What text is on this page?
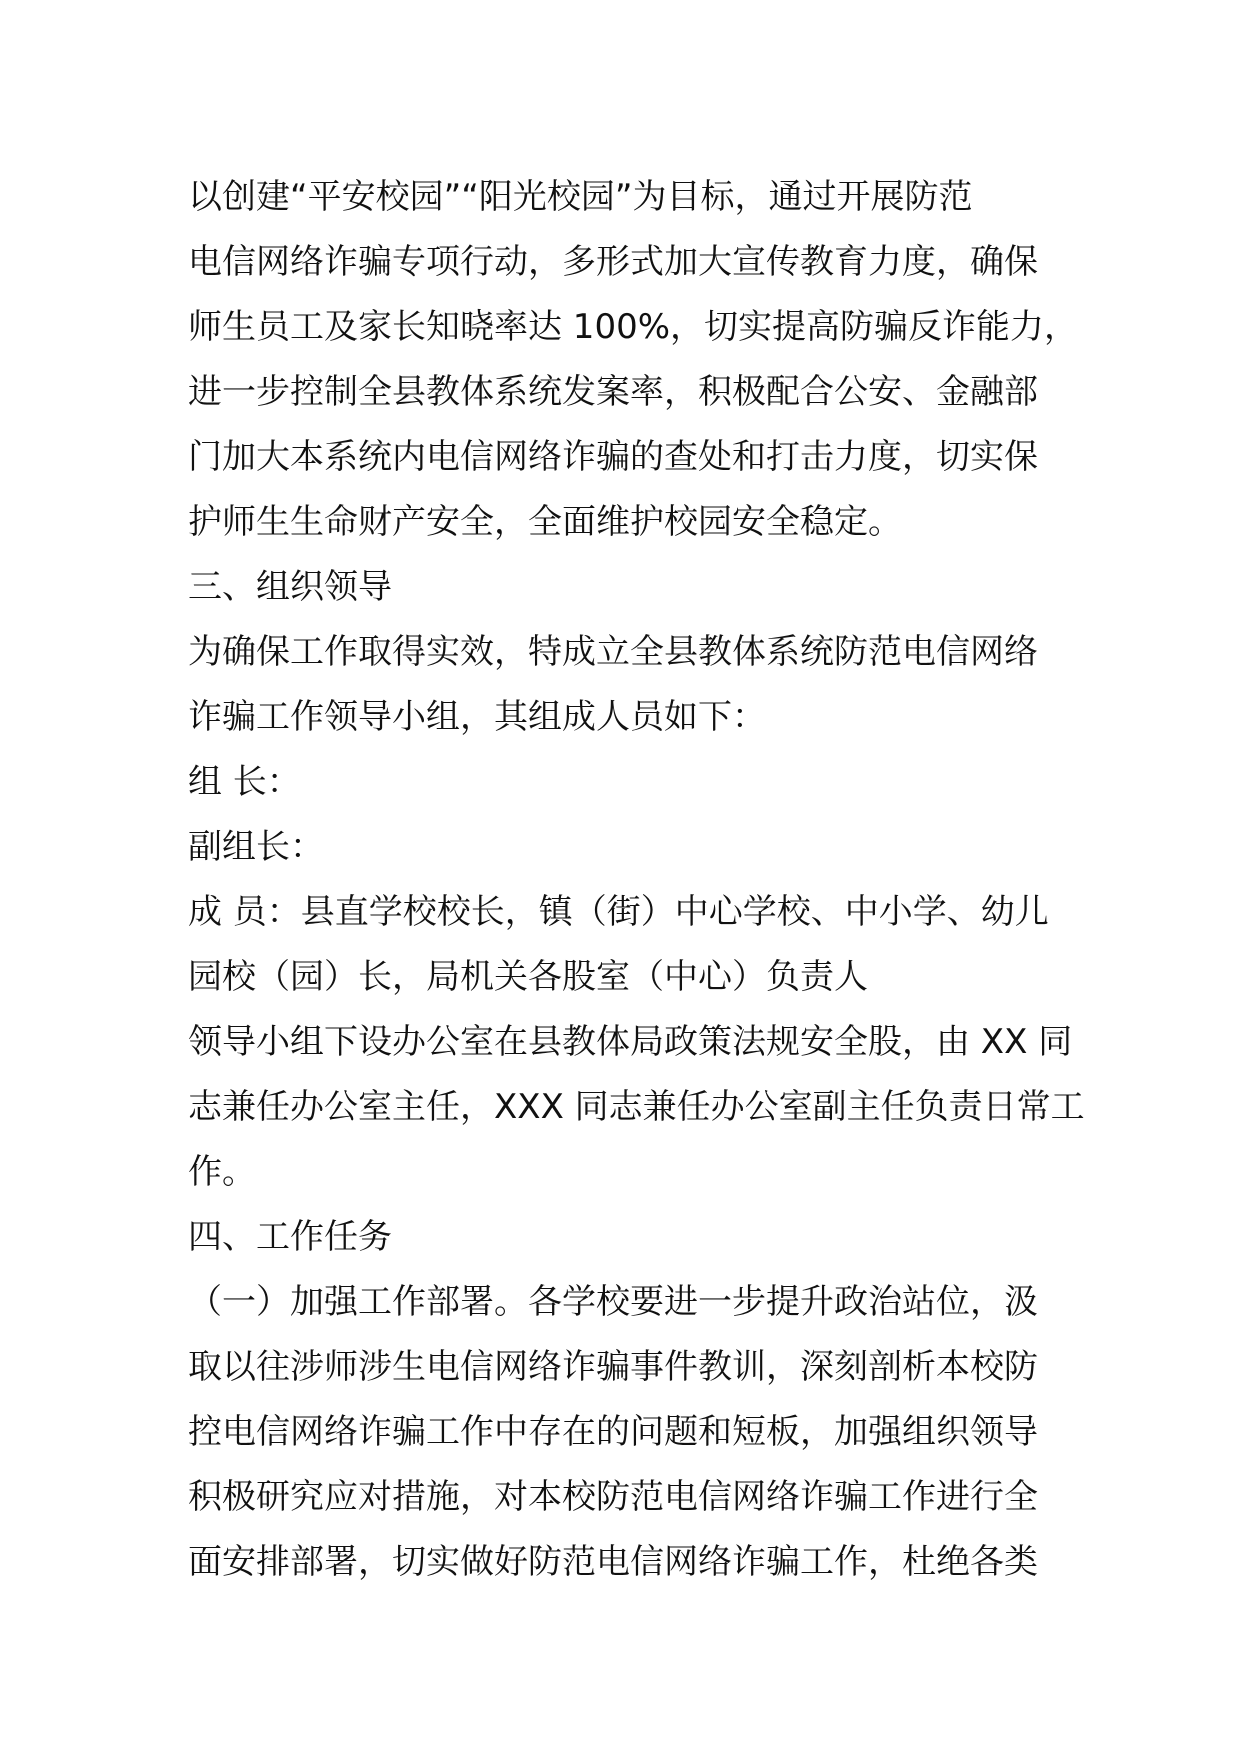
以创建“平安校园”“阳光校园”为目标，通过开展防范
电信网络诈骗专项行动，多形式加大宣传教育力度，确保
师生员工及家长知晓率达 100%，切实提高防骗反诈能力，
进一步控制全县教体系统发案率，积极配合公安、金融部
门加大本系统内电信网络诈骗的查处和打击力度，切实保
护师生生命财产安全，全面维护校园安全稳定。
三、组织领导
为确保工作取得实效，特成立全县教体系统防范电信网络
诈骗工作领导小组，其组成人员如下：
组 长：
副组长：
成 员：县直学校校长，镇（街）中心学校、中小学、幼儿
园校（园）长，局机关各股室（中心）负责人
领导小组下设办公室在县教体局政策法规安全股，由 XX 同
志兼任办公室主任，XXX 同志兼任办公室副主任负责日常工
作。
四、工作任务
（一）加强工作部署。各学校要进一步提升政治站位，汲
取以往涉师涉生电信网络诈骗事件教训，深刻剖析本校防
控电信网络诈骗工作中存在的问题和短板，加强组织领导
积极研究应对措施，对本校防范电信网络诈骗工作进行全
面安排部署，切实做好防范电信网络诈骗工作，杜绝各类
